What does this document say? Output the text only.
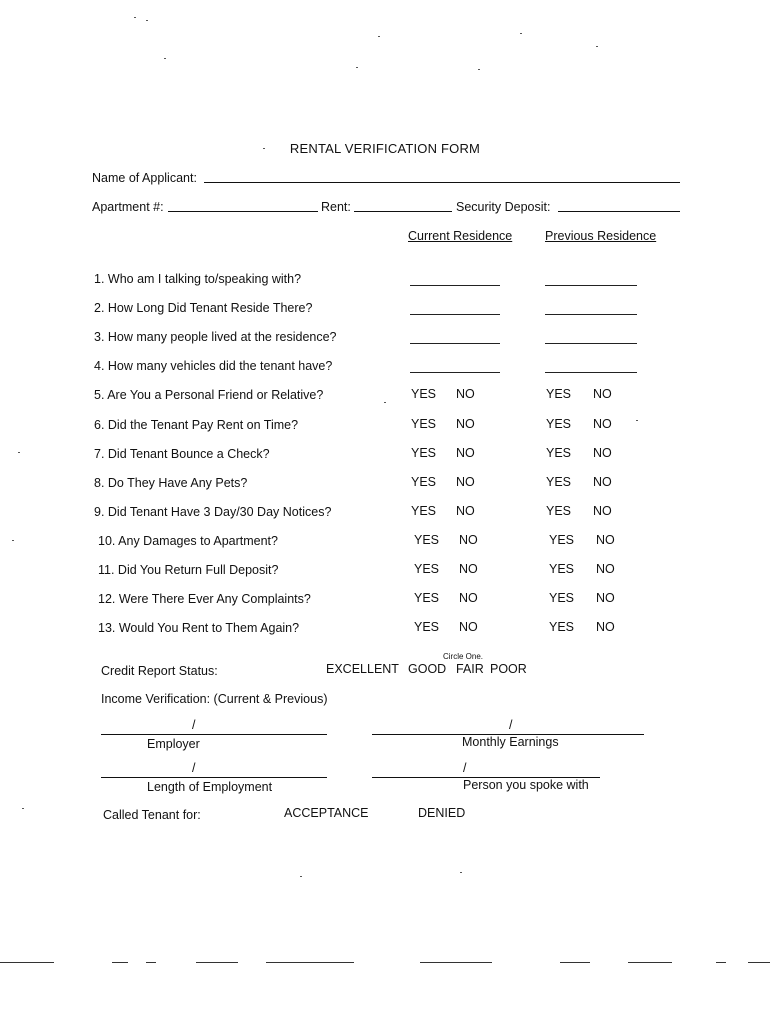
RENTAL VERIFICATION FORM
Name of Applicant:
Apartment #:	Rent:	Security Deposit:
Current Residence	Previous Residence
1. Who am I talking to/speaking with?
2. How Long Did Tenant Reside There?
3. How many people lived at the residence?
4. How many vehicles did the tenant have?
5. Are You a Personal Friend or Relative?	YES NO	YES NO
6. Did the Tenant Pay Rent on Time?	YES NO	YES NO
7. Did Tenant Bounce a Check?	YES NO	YES NO
8. Do They Have Any Pets?	YES NO	YES NO
9. Did Tenant Have 3 Day/30 Day Notices?	YES NO	YES NO
10. Any Damages to Apartment?	YES NO	YES NO
11. Did You Return Full Deposit?	YES NO	YES NO
12. Were There Ever Any Complaints?	YES NO	YES NO
13. Would You Rent to Them Again?	YES NO	YES NO
Circle One.
Credit Report Status:	EXCELLENT GOOD FAIR POOR
Income Verification: (Current & Previous)
/
Employer
/
Monthly Earnings
/
Length of Employment
/
Person you spoke with
Called Tenant for:	ACCEPTANCE	DENIED
